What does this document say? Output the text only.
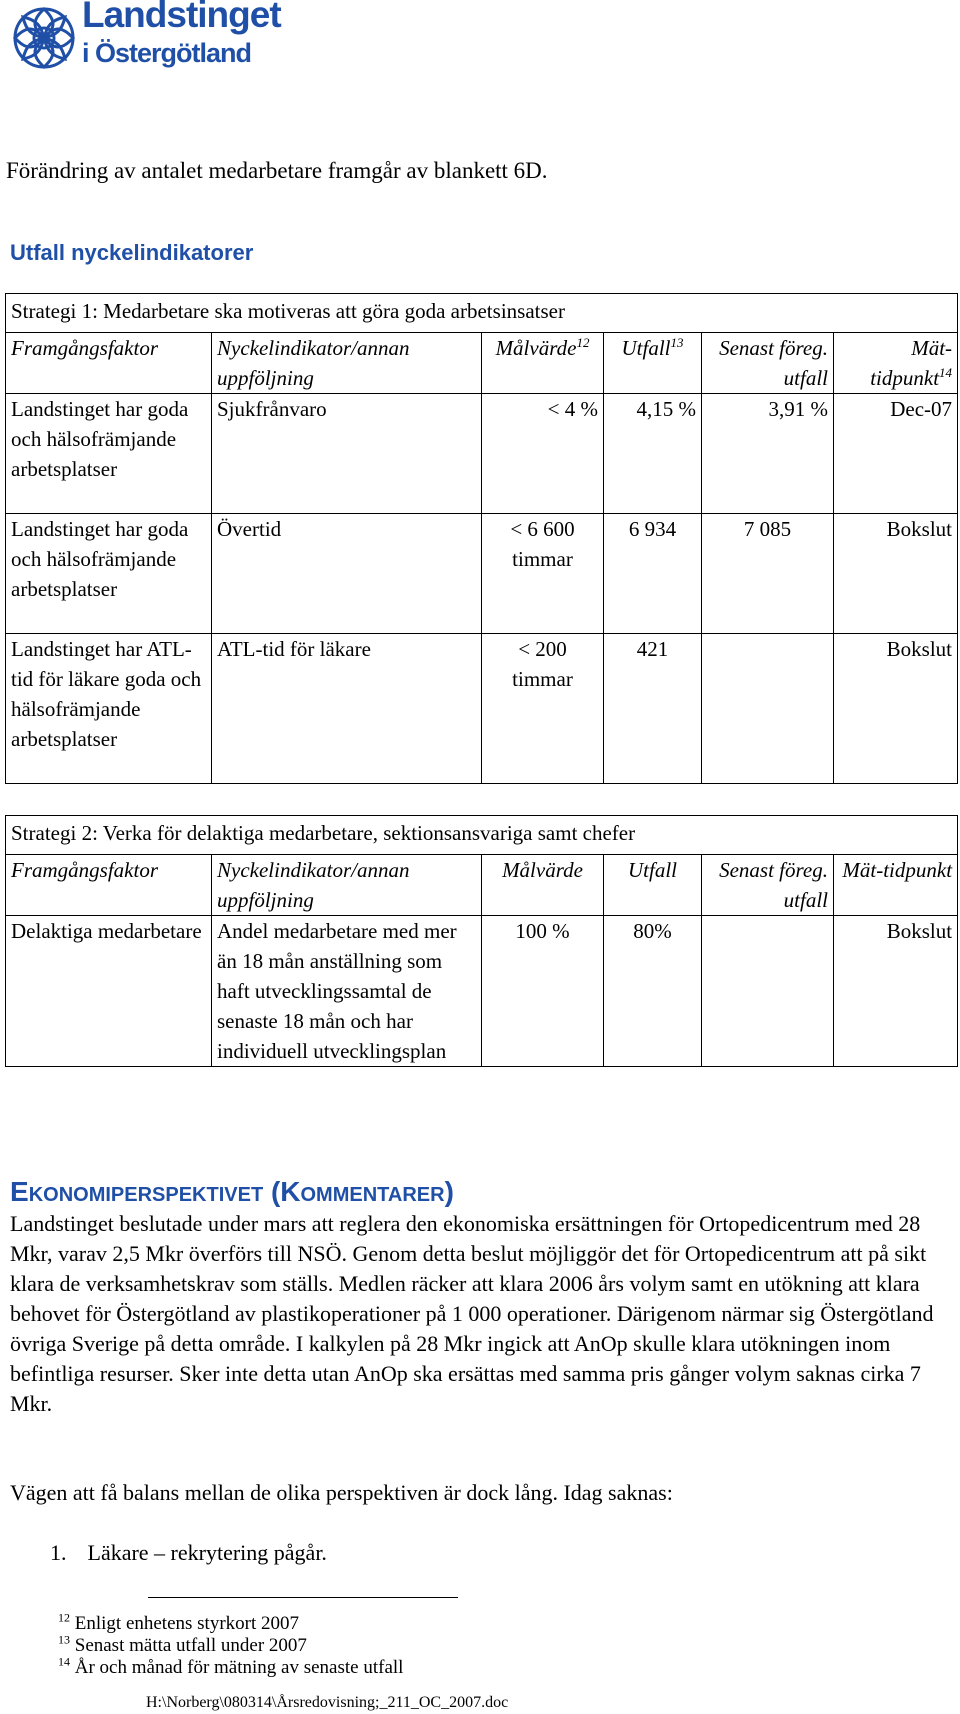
Landstinget
i Östergötland
Förändring av antalet medarbetare framgår av blankett 6D.
Utfall nyckelindikatorer
Strategi 1: Medarbetare ska motiveras att göra goda arbetsinsatser					
Framgångsfaktor	Nyckelindikator/annan uppföljning	Målvärde$^{12}$	Utfall$^{13}$	Senast föreg. utfall	Mät-tidpunkt$^{14}$
Landstinget har goda och hälsofrämjande arbetsplatser	Sjukfrånvaro	< 4 %	4,15 %	3,91 %	Dec-07
Landstinget har goda och hälsofrämjande arbetsplatser	Övertid	< 6 600 timmar	6 934	7 085	Bokslut
Landstinget har ATL-tid för läkare goda och hälsofrämjande arbetsplatser	ATL-tid för läkare	< 200 timmar	421		Bokslut
Strategi 2: Verka för delaktiga medarbetare, sektionsansvariga samt chefer					
Framgångsfaktor	Nyckelindikator/annan uppföljning	Målvärde	Utfall	Senast föreg. utfall	Mät-tidpunkt
Delaktiga medarbetare	Andel medarbetare med mer än 18 mån anställning som haft utvecklingssamtal de senaste 18 mån och har individuell utvecklingsplan	100 %	80%		Bokslut
EKONOMIPERSPEKTIVET (KOMMENTARER)
Landstinget beslutade under mars att reglera den ekonomiska ersättningen för Ortopedicentrum med 28 Mkr, varav 2,5 Mkr överförs till NSÖ. Genom detta beslut möjliggör det för Ortopedicentrum att på sikt klara de verksamhetskrav som ställs. Medlen räcker att klara 2006 års volym samt en utökning att klara behovet för Östergötland av plastikoperationer på 1 000 operationer. Därigenom närmar sig Östergötland övriga Sverige på detta område. I kalkylen på 28 Mkr ingick att AnOp skulle klara utökningen inom befintliga resurser. Sker inte detta utan AnOp ska ersättas med samma pris gånger volym saknas cirka 7 Mkr.
Vägen att få balans mellan de olika perspektiven är dock lång. Idag saknas:
1. Läkare – rekrytering pågår.
$^{12}$ Enligt enhetens styrkort 2007
$^{13}$ Senast mätta utfall under 2007
$^{14}$ År och månad för mätning av senaste utfall
H:\Norberg\080314\Årsredovisning;_211_OC_2007.doc
